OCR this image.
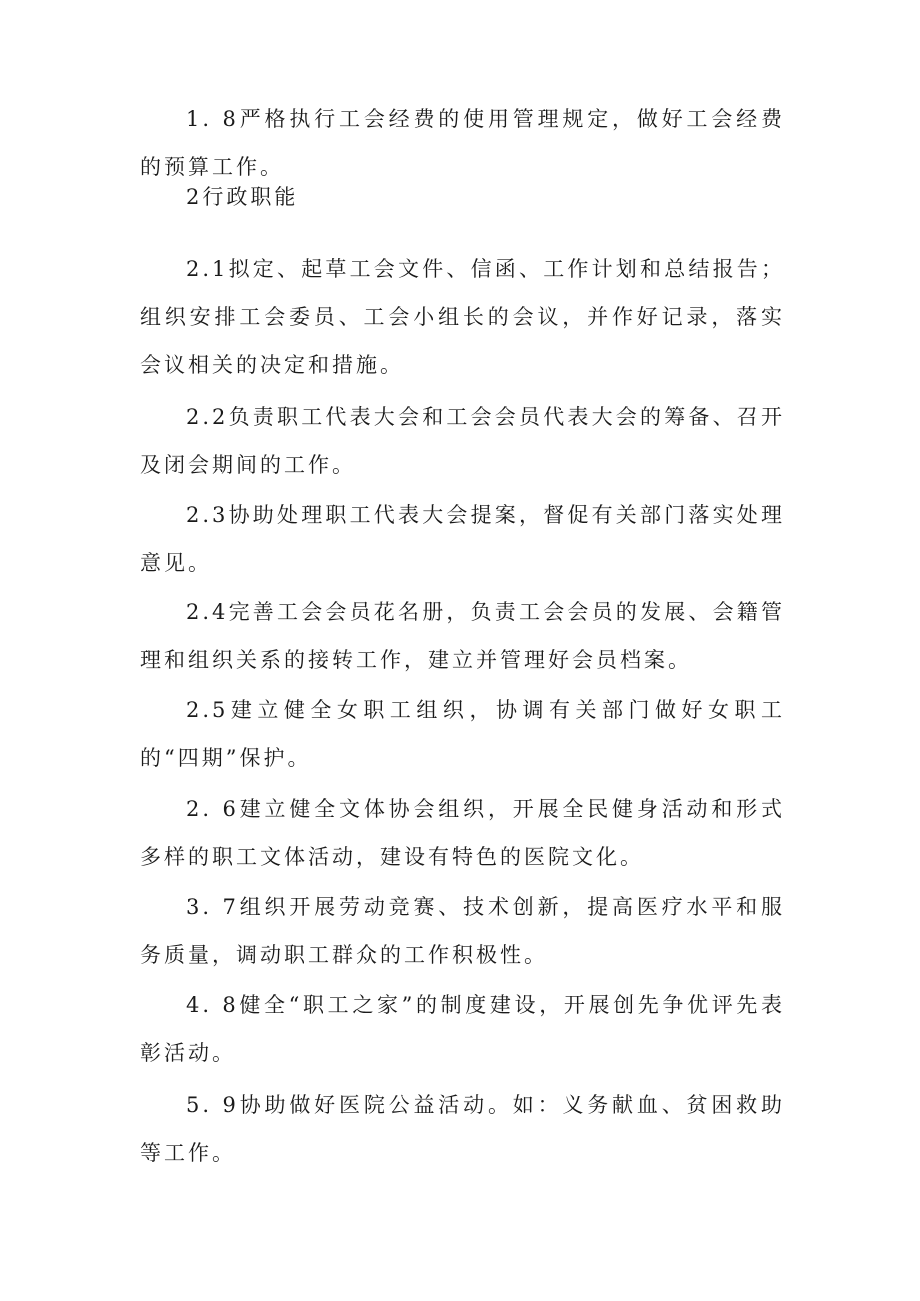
1. 8严格执行工会经费的使用管理规定，做好工会经费的预算工作。

2行政职能

2.1拟定、起草工会文件、信函、工作计划和总结报告；组织安排工会委员、工会小组长的会议，并作好记录，落实会议相关的决定和措施。

2.2负责职工代表大会和工会会员代表大会的筹备、召开及闭会期间的工作。

2.3协助处理职工代表大会提案，督促有关部门落实处理意见。

2.4完善工会会员花名册，负责工会会员的发展、会籍管理和组织关系的接转工作，建立并管理好会员档案。

2.5建立健全女职工组织，协调有关部门做好女职工的“四期”保护。

2. 6建立健全文体协会组织，开展全民健身活动和形式多样的职工文体活动，建设有特色的医院文化。

3. 7组织开展劳动竞赛、技术创新，提高医疗水平和服务质量，调动职工群众的工作积极性。

4. 8健全“职工之家”的制度建设，开展创先争优评先表彰活动。

5. 9协助做好医院公益活动。如：义务献血、贫困救助等工作。
